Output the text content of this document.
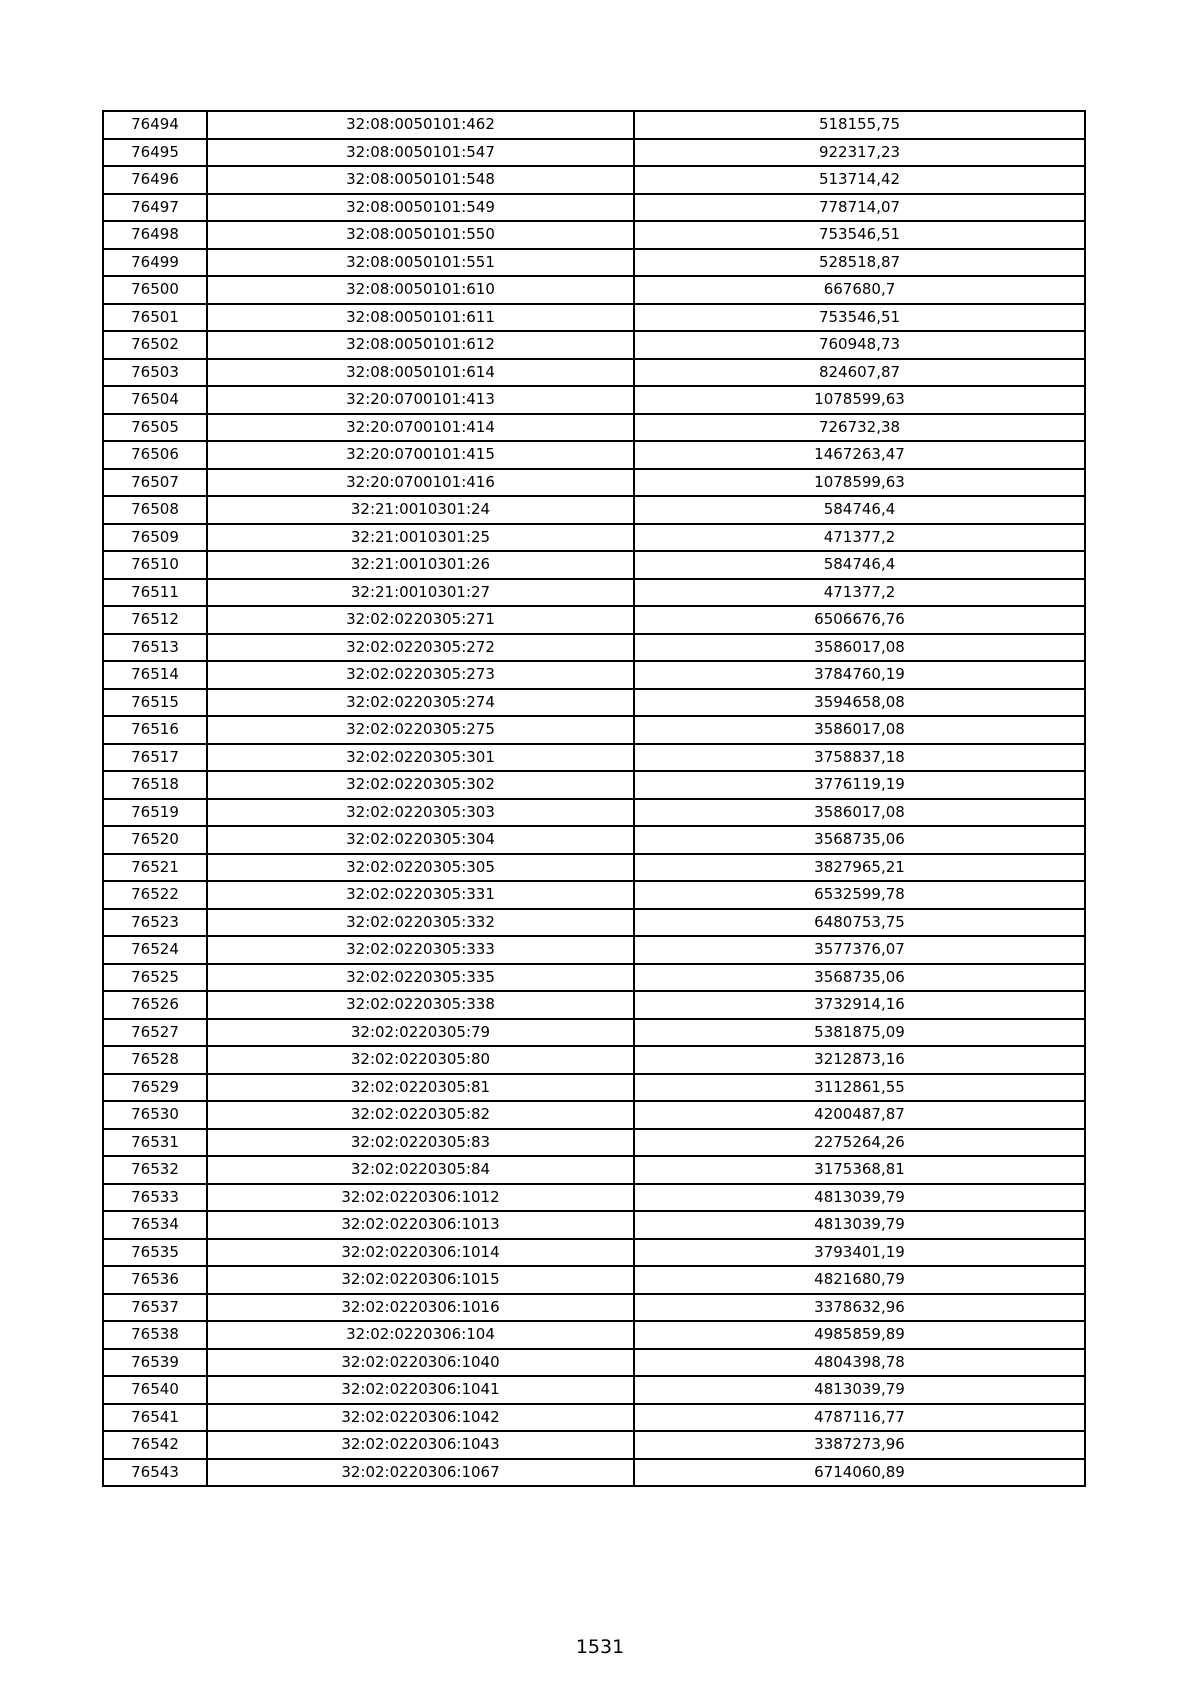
76494	32:08:0050101:462	518155,75
76495	32:08:0050101:547	922317,23
76496	32:08:0050101:548	513714,42
76497	32:08:0050101:549	778714,07
76498	32:08:0050101:550	753546,51
76499	32:08:0050101:551	528518,87
76500	32:08:0050101:610	667680,7
76501	32:08:0050101:611	753546,51
76502	32:08:0050101:612	760948,73
76503	32:08:0050101:614	824607,87
76504	32:20:0700101:413	1078599,63
76505	32:20:0700101:414	726732,38
76506	32:20:0700101:415	1467263,47
76507	32:20:0700101:416	1078599,63
76508	32:21:0010301:24	584746,4
76509	32:21:0010301:25	471377,2
76510	32:21:0010301:26	584746,4
76511	32:21:0010301:27	471377,2
76512	32:02:0220305:271	6506676,76
76513	32:02:0220305:272	3586017,08
76514	32:02:0220305:273	3784760,19
76515	32:02:0220305:274	3594658,08
76516	32:02:0220305:275	3586017,08
76517	32:02:0220305:301	3758837,18
76518	32:02:0220305:302	3776119,19
76519	32:02:0220305:303	3586017,08
76520	32:02:0220305:304	3568735,06
76521	32:02:0220305:305	3827965,21
76522	32:02:0220305:331	6532599,78
76523	32:02:0220305:332	6480753,75
76524	32:02:0220305:333	3577376,07
76525	32:02:0220305:335	3568735,06
76526	32:02:0220305:338	3732914,16
76527	32:02:0220305:79	5381875,09
76528	32:02:0220305:80	3212873,16
76529	32:02:0220305:81	3112861,55
76530	32:02:0220305:82	4200487,87
76531	32:02:0220305:83	2275264,26
76532	32:02:0220305:84	3175368,81
76533	32:02:0220306:1012	4813039,79
76534	32:02:0220306:1013	4813039,79
76535	32:02:0220306:1014	3793401,19
76536	32:02:0220306:1015	4821680,79
76537	32:02:0220306:1016	3378632,96
76538	32:02:0220306:104	4985859,89
76539	32:02:0220306:1040	4804398,78
76540	32:02:0220306:1041	4813039,79
76541	32:02:0220306:1042	4787116,77
76542	32:02:0220306:1043	3387273,96
76543	32:02:0220306:1067	6714060,89
1531
